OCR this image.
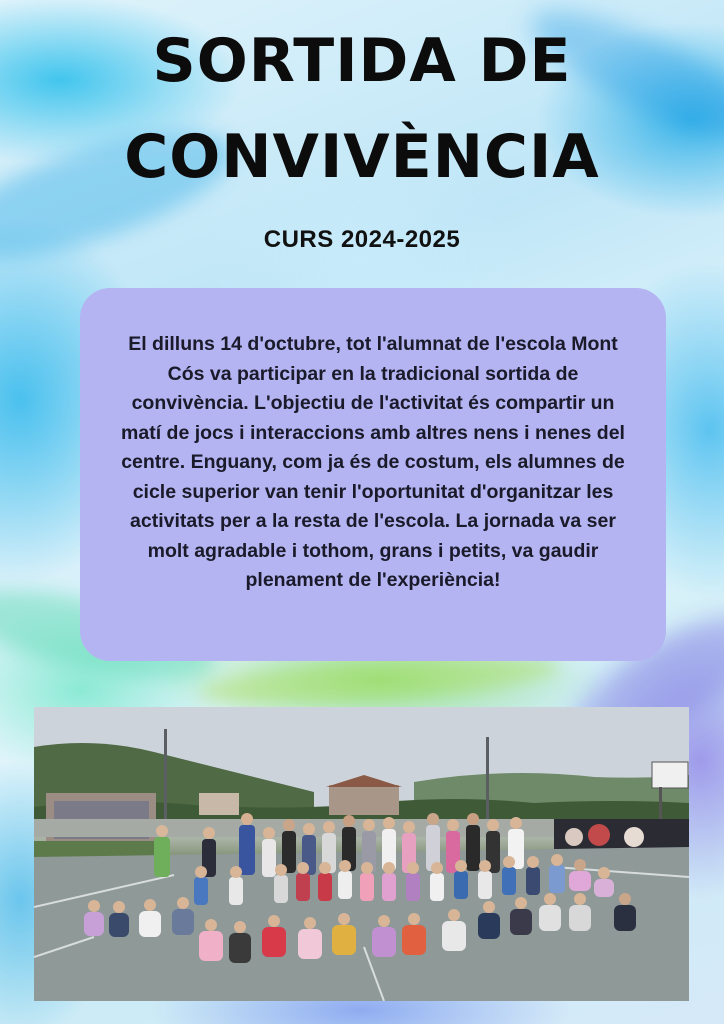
SORTIDA DE
CONVIVÈNCIA
CURS 2024-2025

El dilluns 14 d'octubre, tot l'alumnat de l'escola Mont Cós va participar en la tradicional sortida de convivència. L'objectiu de l'activitat és compartir un matí de jocs i interaccions amb altres nens i nenes del centre. Enguany, com ja és de costum, els alumnes de cicle superior van tenir l'oportunitat d'organitzar les activitats per a la resta de l'escola. La jornada va ser molt agradable i tothom, grans i petits, va gaudir plenament de l'experiència!
